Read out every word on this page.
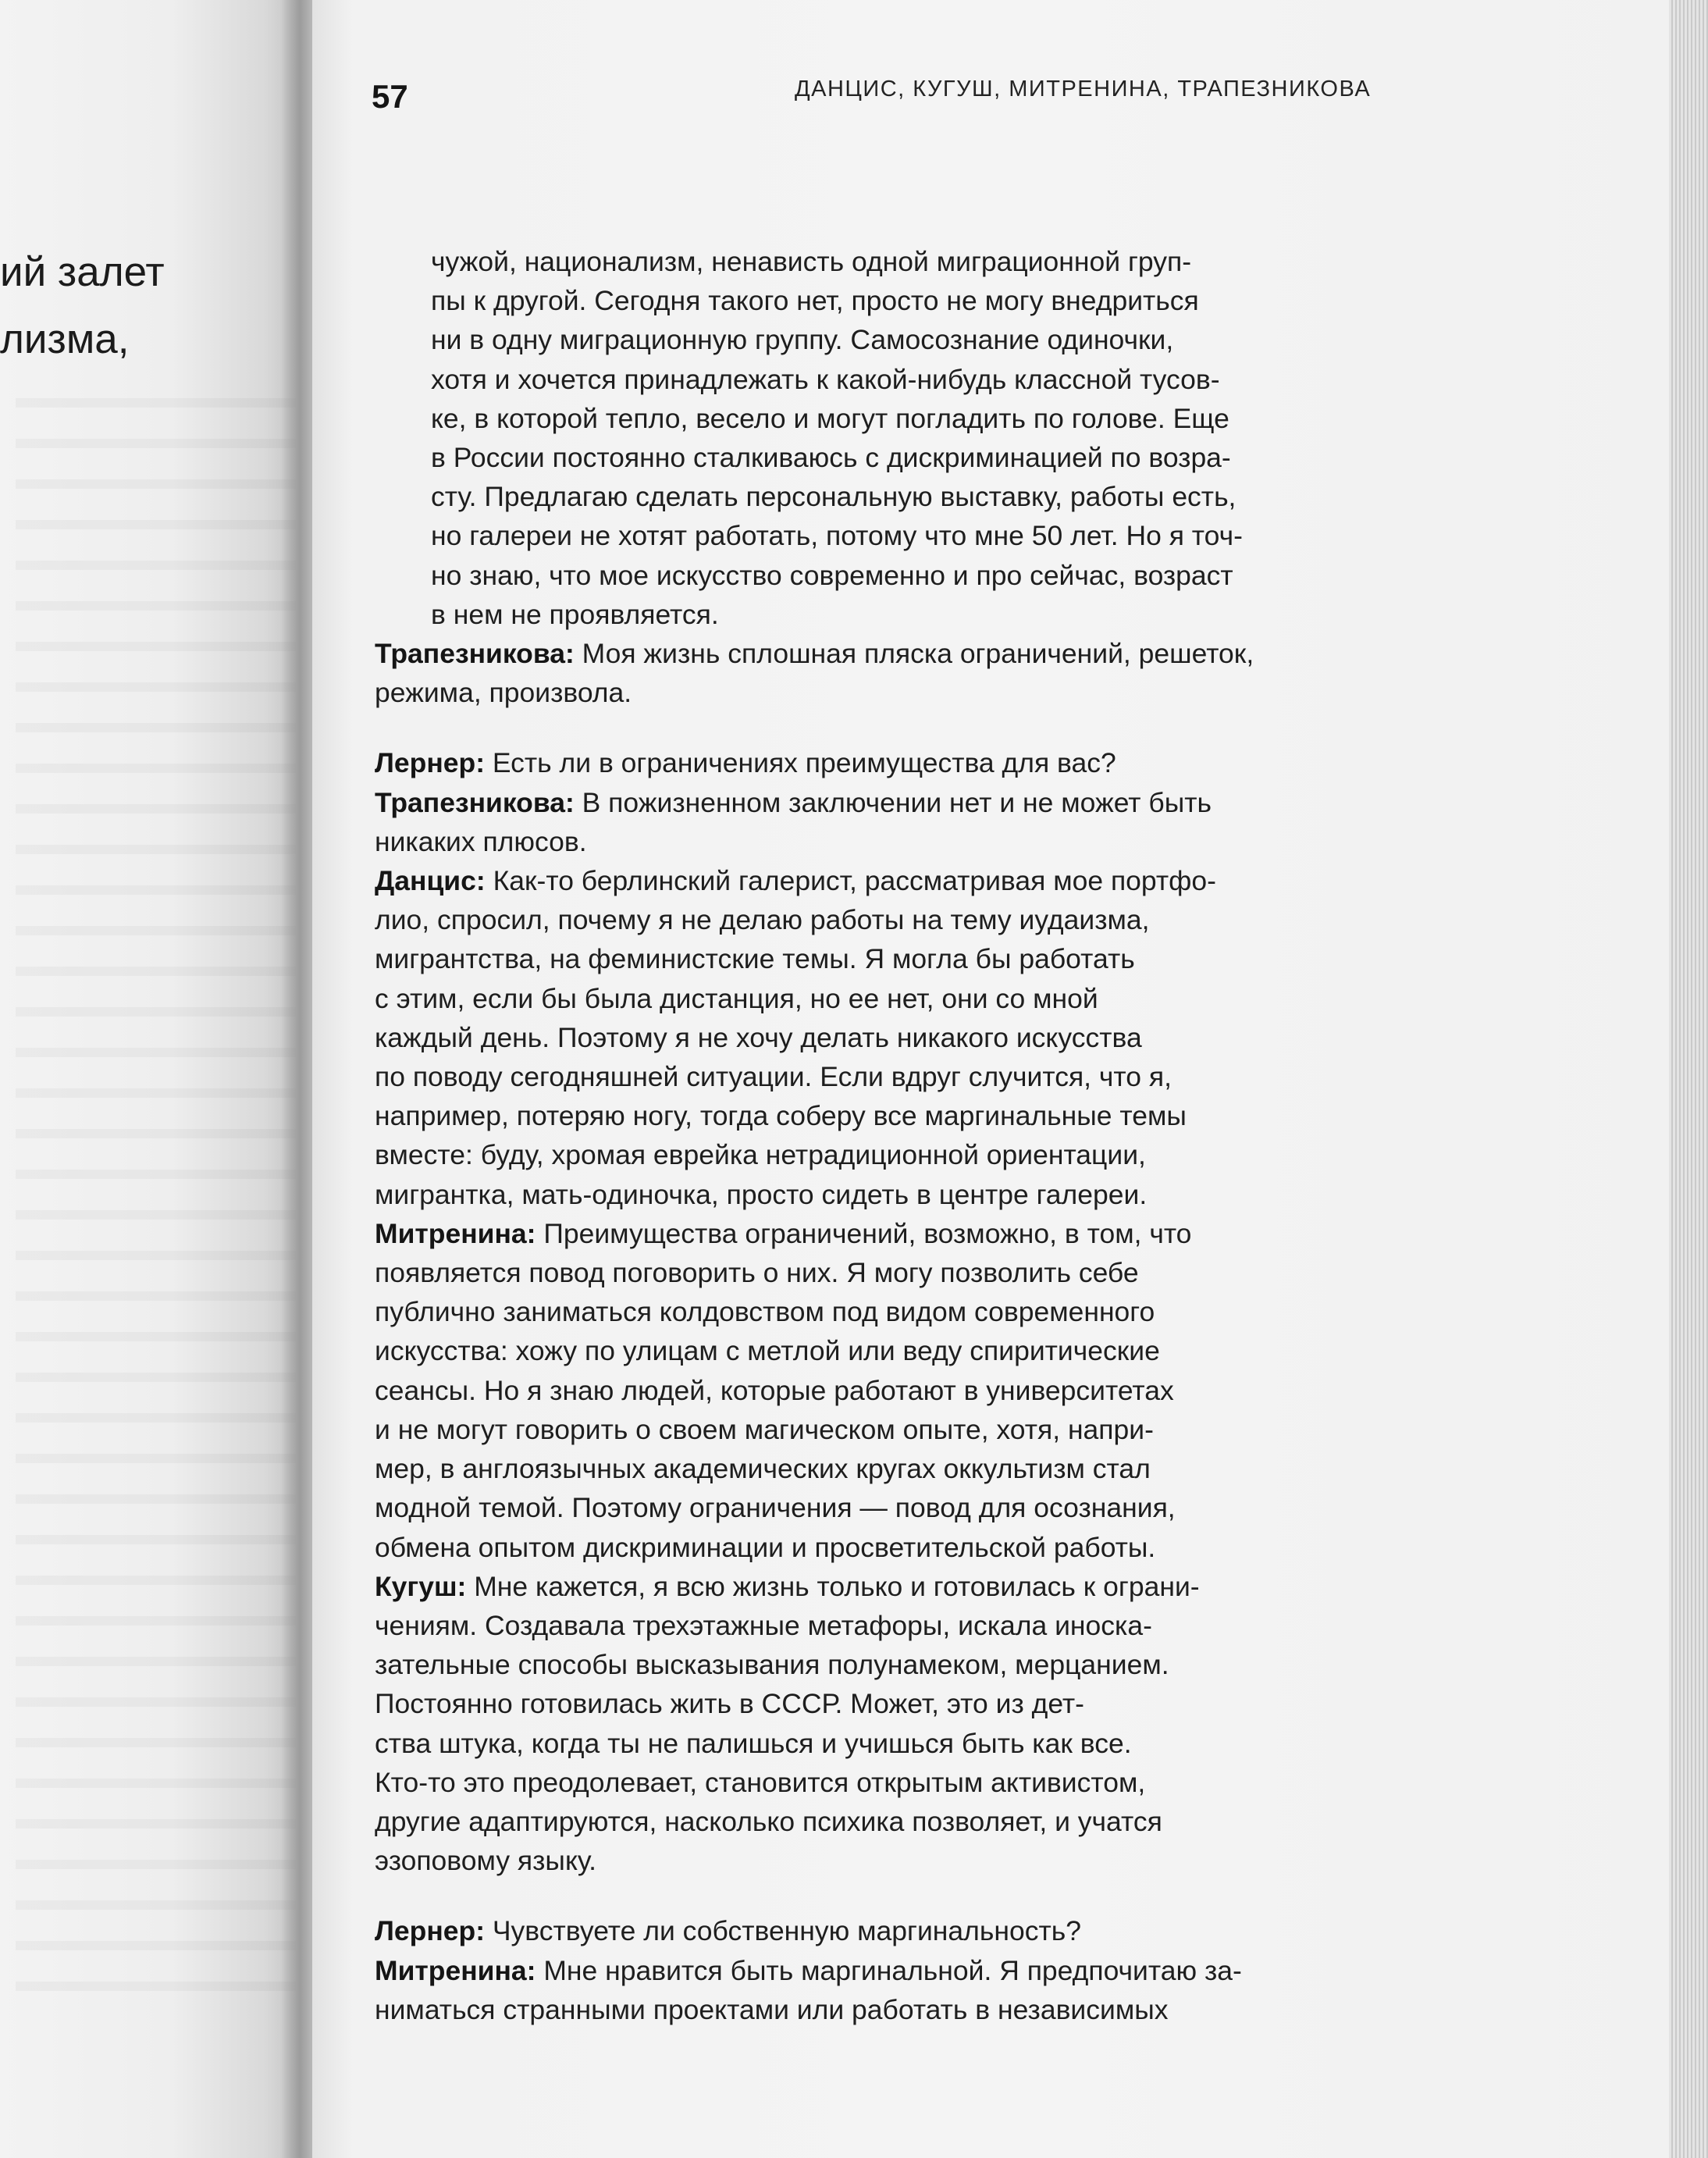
ий залет
лизма,
57	ДАНЦИС, КУГУШ, МИТРЕНИНА, ТРАПЕЗНИКОВА

чужой, национализм, ненависть одной миграционной груп-
пы к другой. Сегодня такого нет, просто не могу внедриться
ни в одну миграционную группу. Самосознание одиночки,
хотя и хочется принадлежать к какой-нибудь классной тусов-
ке, в которой тепло, весело и могут погладить по голове. Еще
в России постоянно сталкиваюсь с дискриминацией по возра-
сту. Предлагаю сделать персональную выставку, работы есть,
но галереи не хотят работать, потому что мне 50 лет. Но я точ-
но знаю, что мое искусство современно и про сейчас, возраст
в нем не проявляется.

Трапезникова: Моя жизнь сплошная пляска ограничений, решеток,
режима, произвола.

Лернер: Есть ли в ограничениях преимущества для вас?

Трапезникова: В пожизненном заключении нет и не может быть
никаких плюсов.

Данцис: Как-то берлинский галерист, рассматривая мое портфо-
лио, спросил, почему я не делаю работы на тему иудаизма,
мигрантства, на феминистские темы. Я могла бы работать
с этим, если бы была дистанция, но ее нет, они со мной
каждый день. Поэтому я не хочу делать никакого искусства
по поводу сегодняшней ситуации. Если вдруг случится, что я,
например, потеряю ногу, тогда соберу все маргинальные темы
вместе: буду, хромая еврейка нетрадиционной ориентации,
мигрантка, мать-одиночка, просто сидеть в центре галереи.

Митренина: Преимущества ограничений, возможно, в том, что
появляется повод поговорить о них. Я могу позволить себе
публично заниматься колдовством под видом современного
искусства: хожу по улицам с метлой или веду спиритические
сеансы. Но я знаю людей, которые работают в университетах
и не могут говорить о своем магическом опыте, хотя, напри-
мер, в англоязычных академических кругах оккультизм стал
модной темой. Поэтому ограничения — повод для осознания,
обмена опытом дискриминации и просветительской работы.

Кугуш: Мне кажется, я всю жизнь только и готовилась к ограни-
чениям. Создавала трехэтажные метафоры, искала иноска-
зательные способы высказывания полунамеком, мерцанием.
Постоянно готовилась жить в СССР. Может, это из дет-
ства штука, когда ты не палишься и учишься быть как все.
Кто-то это преодолевает, становится открытым активистом,
другие адаптируются, насколько психика позволяет, и учатся
эзоповому языку.

Лернер: Чувствуете ли собственную маргинальность?

Митренина: Мне нравится быть маргинальной. Я предпочитаю за-
ниматься странными проектами или работать в независимых
